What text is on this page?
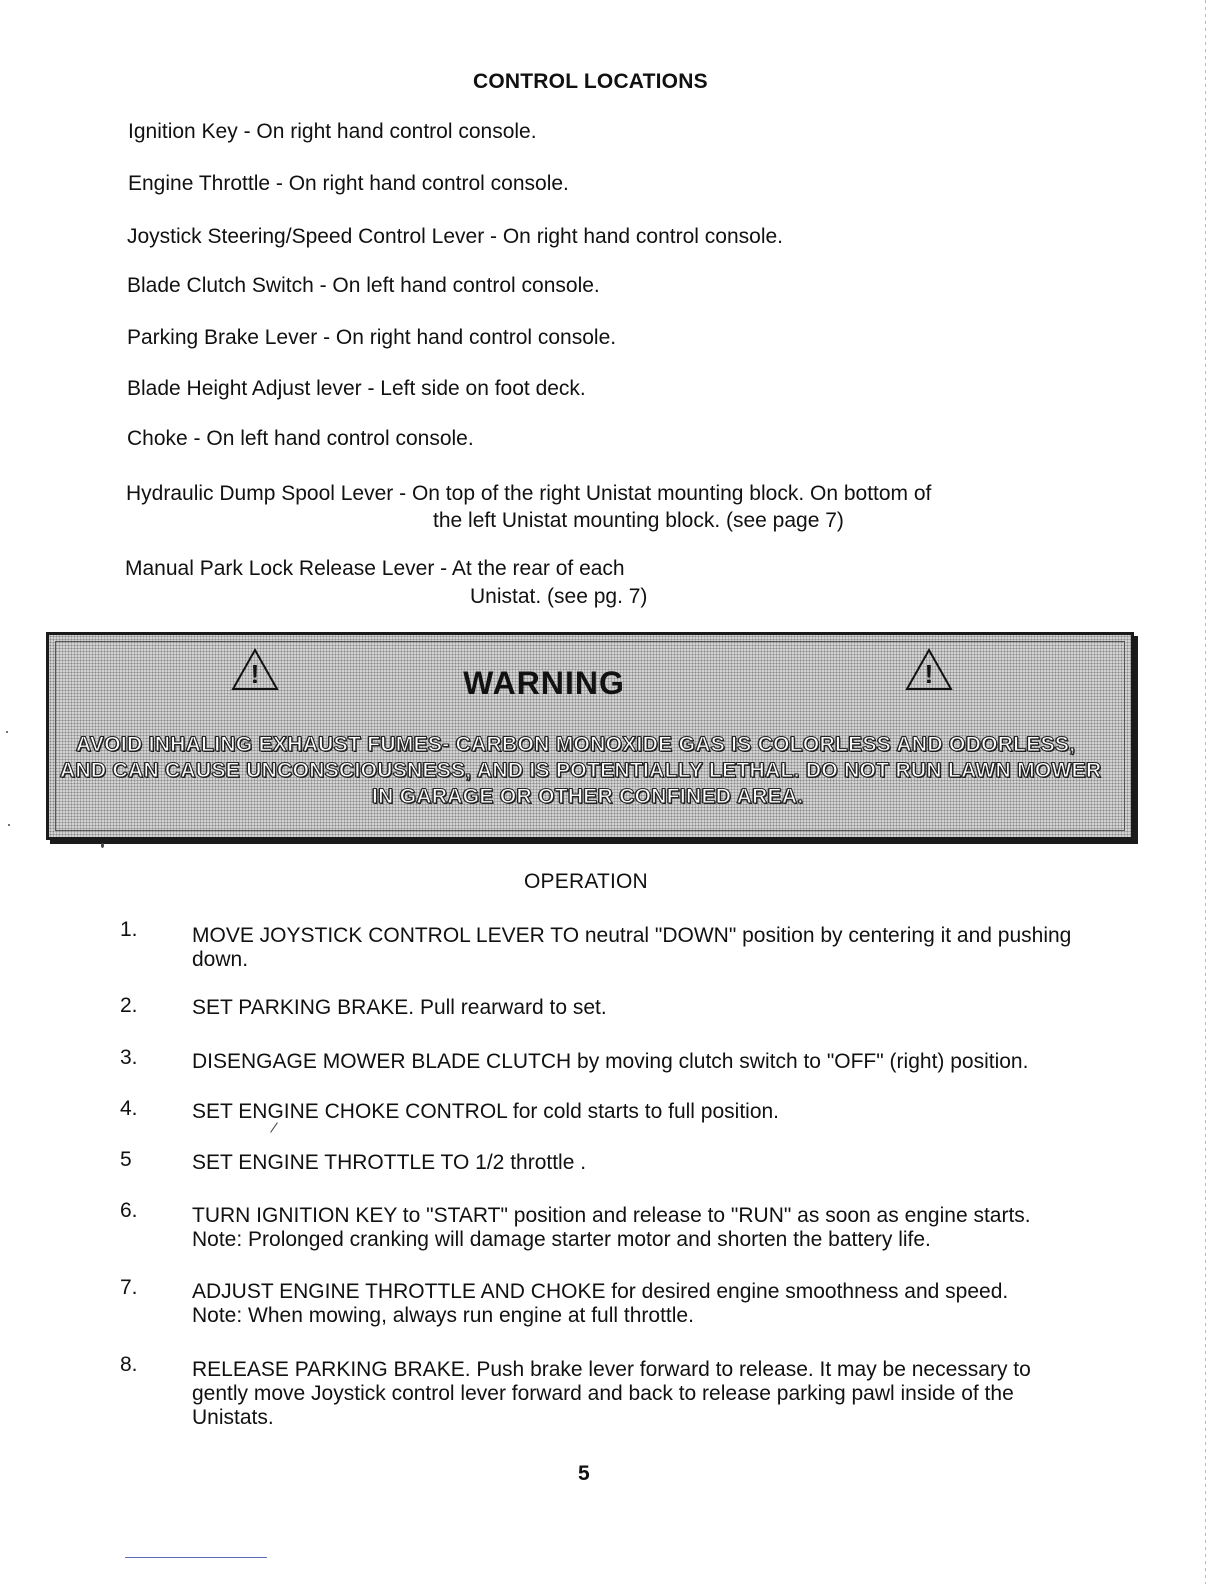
CONTROL LOCATIONS
Ignition Key - On right hand control console.
Engine Throttle - On right hand control console.
Joystick Steering/Speed Control Lever - On right hand control console.
Blade Clutch Switch - On left hand control console.
Parking Brake Lever - On right hand control console.
Blade Height Adjust lever - Left side on foot deck.
Choke - On left hand control console.
Hydraulic Dump Spool Lever - On top of the right Unistat mounting block. On bottom of
the left Unistat mounting block. (see page 7)
Manual Park Lock Release Lever - At the rear of each
Unistat. (see pg. 7)
!	!
WARNING
AVOID INHALING EXHAUST FUMES- CARBON MONOXIDE GAS IS COLORLESS AND ODORLESS,
AND CAN CAUSE UNCONSCIOUSNESS, AND IS POTENTIALLY LETHAL. DO NOT RUN LAWN MOWER
IN GARAGE OR OTHER CONFINED AREA.
OPERATION
1.	MOVE JOYSTICK CONTROL LEVER TO neutral "DOWN" position by centering it and pushing
down.
2.	SET PARKING BRAKE. Pull rearward to set.
3.	DISENGAGE MOWER BLADE CLUTCH by moving clutch switch to "OFF" (right) position.
4.	SET ENGINE CHOKE CONTROL for cold starts to full position.
5	SET ENGINE THROTTLE TO 1/2 throttle .
6.	TURN IGNITION KEY to "START" position and release to "RUN" as soon as engine starts.
Note: Prolonged cranking will damage starter motor and shorten the battery life.
7.	ADJUST ENGINE THROTTLE AND CHOKE for desired engine smoothness and speed.
Note: When mowing, always run engine at full throttle.
8.	RELEASE PARKING BRAKE. Push brake lever forward to release. It may be necessary to
gently move Joystick control lever forward and back to release parking pawl inside of the
Unistats.
5
